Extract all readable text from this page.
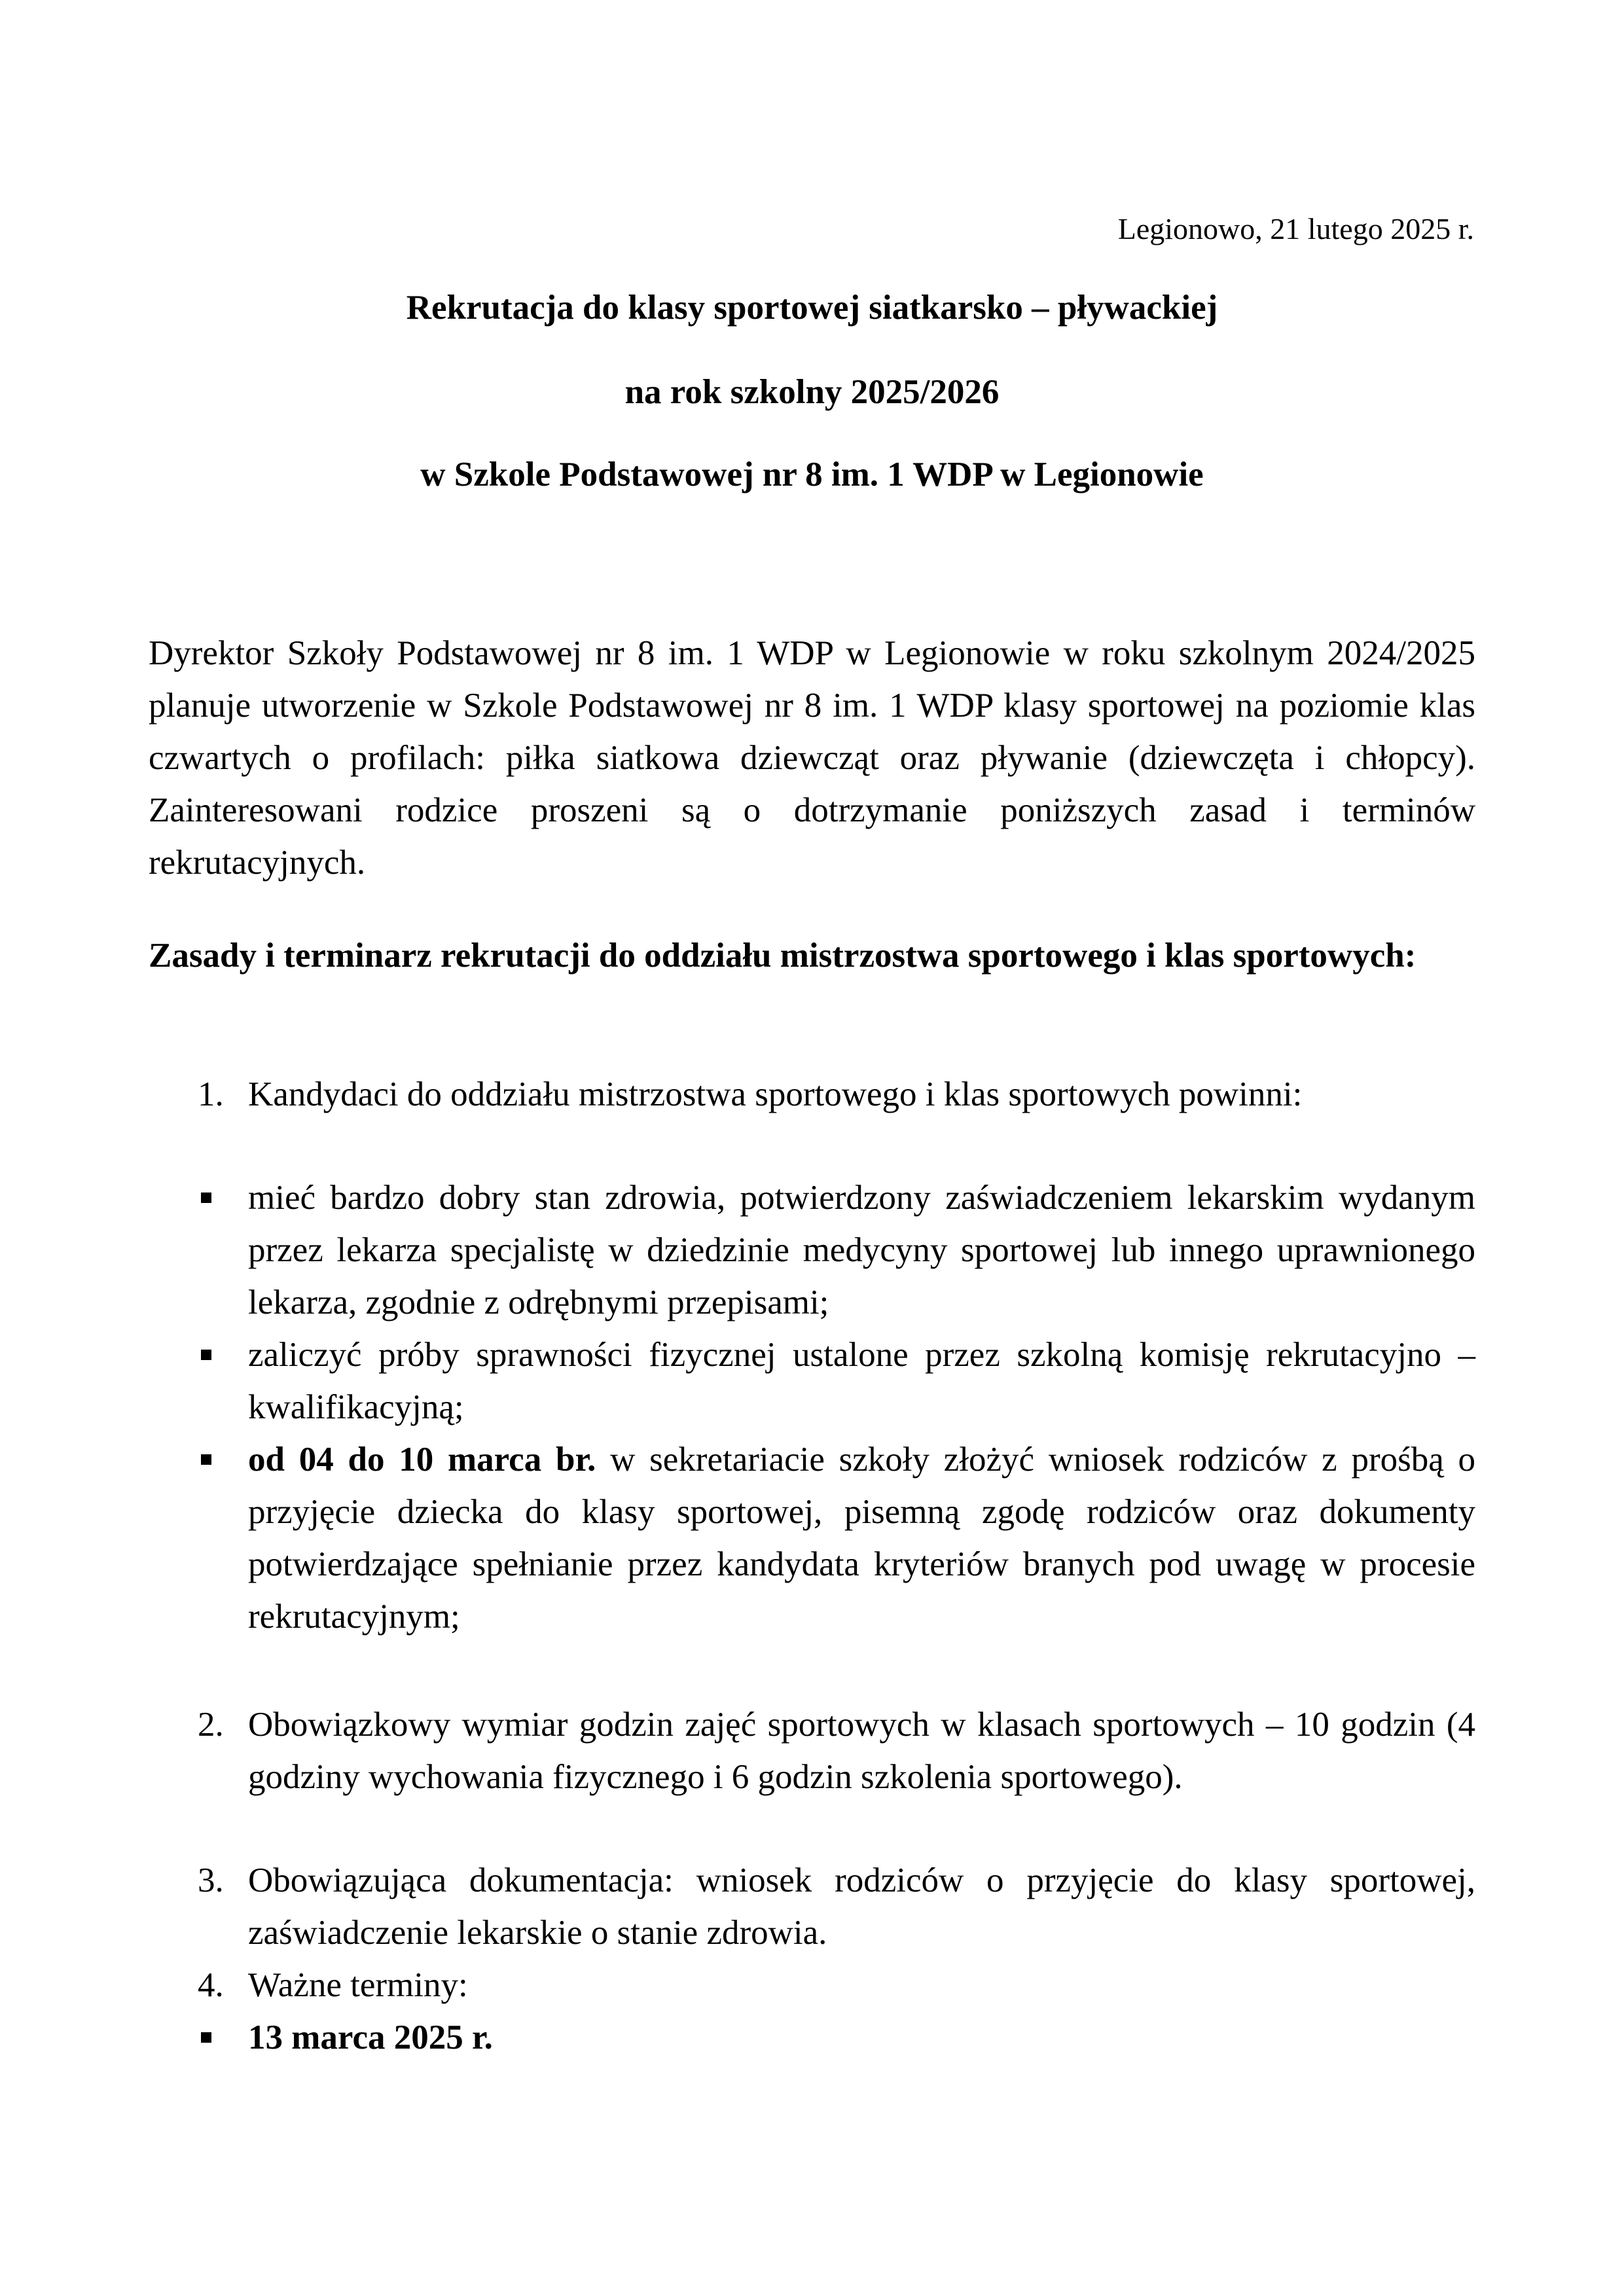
Legionowo, 21 lutego 2025 r.
Rekrutacja do klasy sportowej siatkarsko – pływackiej
na rok szkolny 2025/2026
w Szkole Podstawowej nr 8 im. 1 WDP w Legionowie
Dyrektor Szkoły Podstawowej nr 8 im. 1 WDP w Legionowie w roku szkolnym 2024/2025 planuje utworzenie w Szkole Podstawowej nr 8 im. 1 WDP klasy sportowej na poziomie klas czwartych o profilach: piłka siatkowa dziewcząt oraz pływanie (dziewczęta i chłopcy). Zainteresowani rodzice proszeni są o dotrzymanie poniższych zasad i terminów rekrutacyjnych.
Zasady i terminarz rekrutacji do oddziału mistrzostwa sportowego i klas sportowych:
1. Kandydaci do oddziału mistrzostwa sportowego i klas sportowych powinni:
mieć bardzo dobry stan zdrowia, potwierdzony zaświadczeniem lekarskim wydanym przez lekarza specjalistę w dziedzinie medycyny sportowej lub innego uprawnionego lekarza, zgodnie z odrębnymi przepisami;
zaliczyć próby sprawności fizycznej ustalone przez szkolną komisję rekrutacyjno – kwalifikacyjną;
od 04 do 10 marca br. w sekretariacie szkoły złożyć wniosek rodziców z prośbą o przyjęcie dziecka do klasy sportowej, pisemną zgodę rodziców oraz dokumenty potwierdzające spełnianie przez kandydata kryteriów branych pod uwagę w procesie rekrutacyjnym;
2. Obowiązkowy wymiar godzin zajęć sportowych w klasach sportowych – 10 godzin (4 godziny wychowania fizycznego i 6 godzin szkolenia sportowego).
3. Obowiązująca dokumentacja: wniosek rodziców o przyjęcie do klasy sportowej, zaświadczenie lekarskie o stanie zdrowia.
4. Ważne terminy:
13 marca 2025 r.
